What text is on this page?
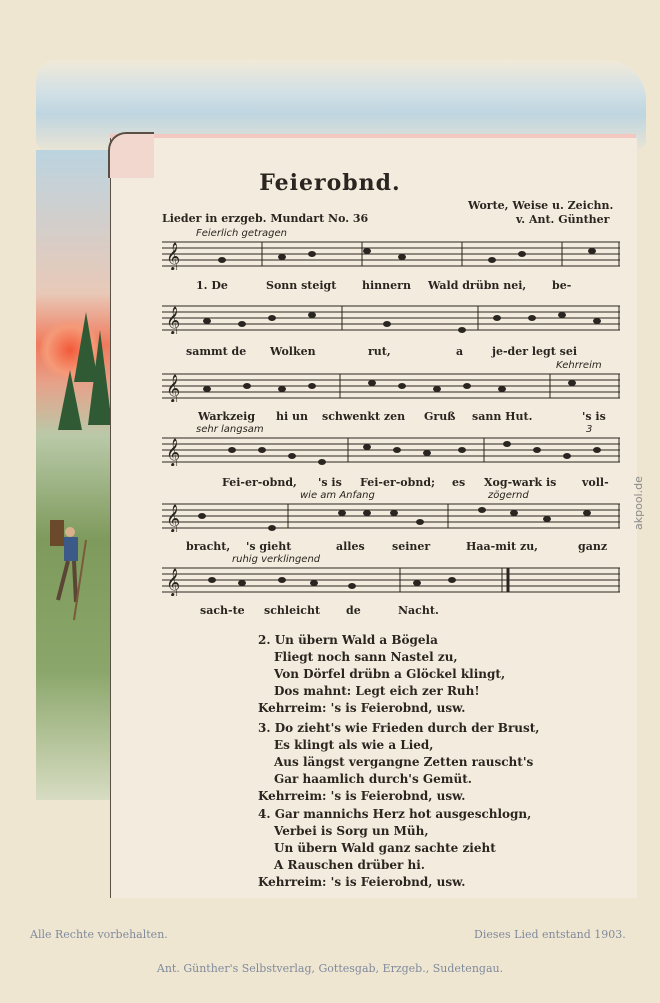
Feierobnd.
Worte, Weise u. Zeichn.
v. Ant. Günther
Lieder in erzgeb. Mundart No. 36
Feierlich getragen
𝄞
1. De	Sonn steigt hinnern Wald drübn nei, be-
𝄞
sammt de Wolken	rut,	a	je-der legt sei
Kehrreim
𝄞
Warkzeig hi un schwenkt zen Gruß sann Hut.	's is
sehr langsam	3
𝄞
Fei-er-obnd, 's is Fei-er-obnd; es Xog-wark is voll-
wie am Anfang	zögernd
𝄞
bracht, 's gieht	alles seiner	Haa-mit zu,	ganz
ruhig verklingend
𝄞
sach-te schleicht de	Nacht.
2. Un übern Wald a Bögela
Fliegt noch sann Nastel zu,
Von Dörfel drübn a Glöckel klingt,
Dos mahnt: Legt eich zer Ruh!
Kehrreim: 's is Feierobnd, usw.
3. Do zieht's wie Frieden durch der Brust,
Es klingt als wie a Lied,
Aus längst vergangne Zetten rauscht's
Gar haamlich durch's Gemüt.
Kehrreim: 's is Feierobnd, usw.
4. Gar mannichs Herz hot ausgeschlogn,
Verbei is Sorg un Müh,
Un übern Wald ganz sachte zieht
A Rauschen drüber hi.
Kehrreim: 's is Feierobnd, usw.
Alle Rechte vorbehalten.	Dieses Lied entstand 1903.
Ant. Günther's Selbstverlag, Gottesgab, Erzgeb., Sudetengau.
akpool.de
